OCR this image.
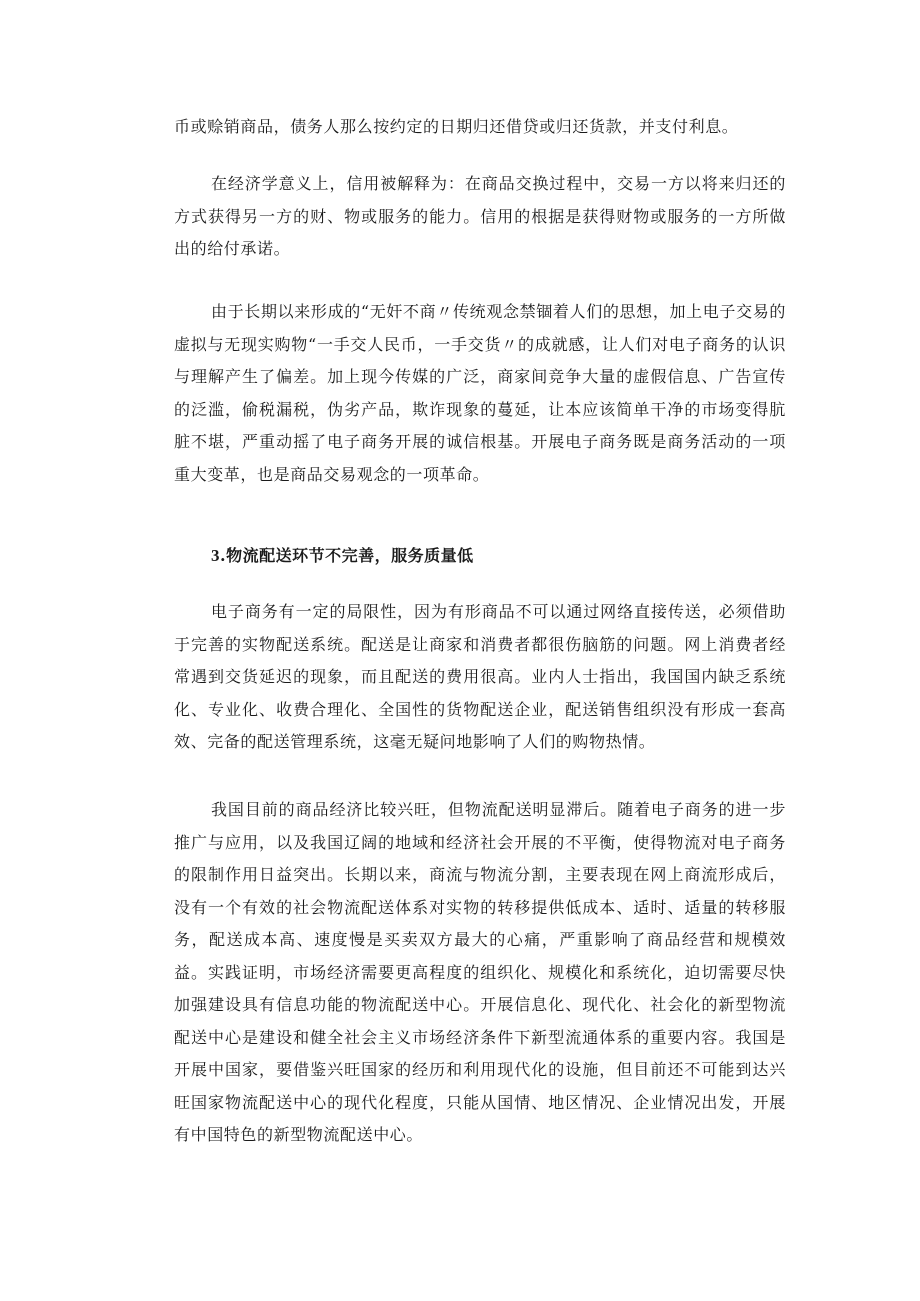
币或赊销商品，债务人那么按约定的日期归还借贷或归还货款，并支付利息。

在经济学意义上，信用被解释为：在商品交换过程中，交易一方以将来归还的方式获得另一方的财、物或服务的能力。信用的根据是获得财物或服务的一方所做出的给付承诺。

由于长期以来形成的“无奸不商〃传统观念禁锢着人们的思想，加上电子交易的虚拟与无现实购物“一手交人民币，一手交货〃的成就感，让人们对电子商务的认识与理解产生了偏差。加上现今传媒的广泛，商家间竞争大量的虚假信息、广告宣传的泛滥，偷税漏税，伪劣产品，欺诈现象的蔓延，让本应该简单干净的市场变得肮脏不堪，严重动摇了电子商务开展的诚信根基。开展电子商务既是商务活动的一项重大变革，也是商品交易观念的一项革命。

3.物流配送环节不完善，服务质量低

电子商务有一定的局限性，因为有形商品不可以通过网络直接传送，必须借助于完善的实物配送系统。配送是让商家和消费者都很伤脑筋的问题。网上消费者经常遇到交货延迟的现象，而且配送的费用很高。业内人士指出，我国国内缺乏系统化、专业化、收费合理化、全国性的货物配送企业，配送销售组织没有形成一套高效、完备的配送管理系统，这毫无疑问地影响了人们的购物热情。

我国目前的商品经济比较兴旺，但物流配送明显滞后。随着电子商务的进一步推广与应用，以及我国辽阔的地域和经济社会开展的不平衡，使得物流对电子商务的限制作用日益突出。长期以来，商流与物流分割，主要表现在网上商流形成后，没有一个有效的社会物流配送体系对实物的转移提供低成本、适时、适量的转移服务，配送成本高、速度慢是买卖双方最大的心痛，严重影响了商品经营和规模效益。实践证明，市场经济需要更高程度的组织化、规模化和系统化，迫切需要尽快加强建设具有信息功能的物流配送中心。开展信息化、现代化、社会化的新型物流配送中心是建设和健全社会主义市场经济条件下新型流通体系的重要内容。我国是开展中国家，要借鉴兴旺国家的经历和利用现代化的设施，但目前还不可能到达兴旺国家物流配送中心的现代化程度，只能从国情、地区情况、企业情况出发，开展有中国特色的新型物流配送中心。
